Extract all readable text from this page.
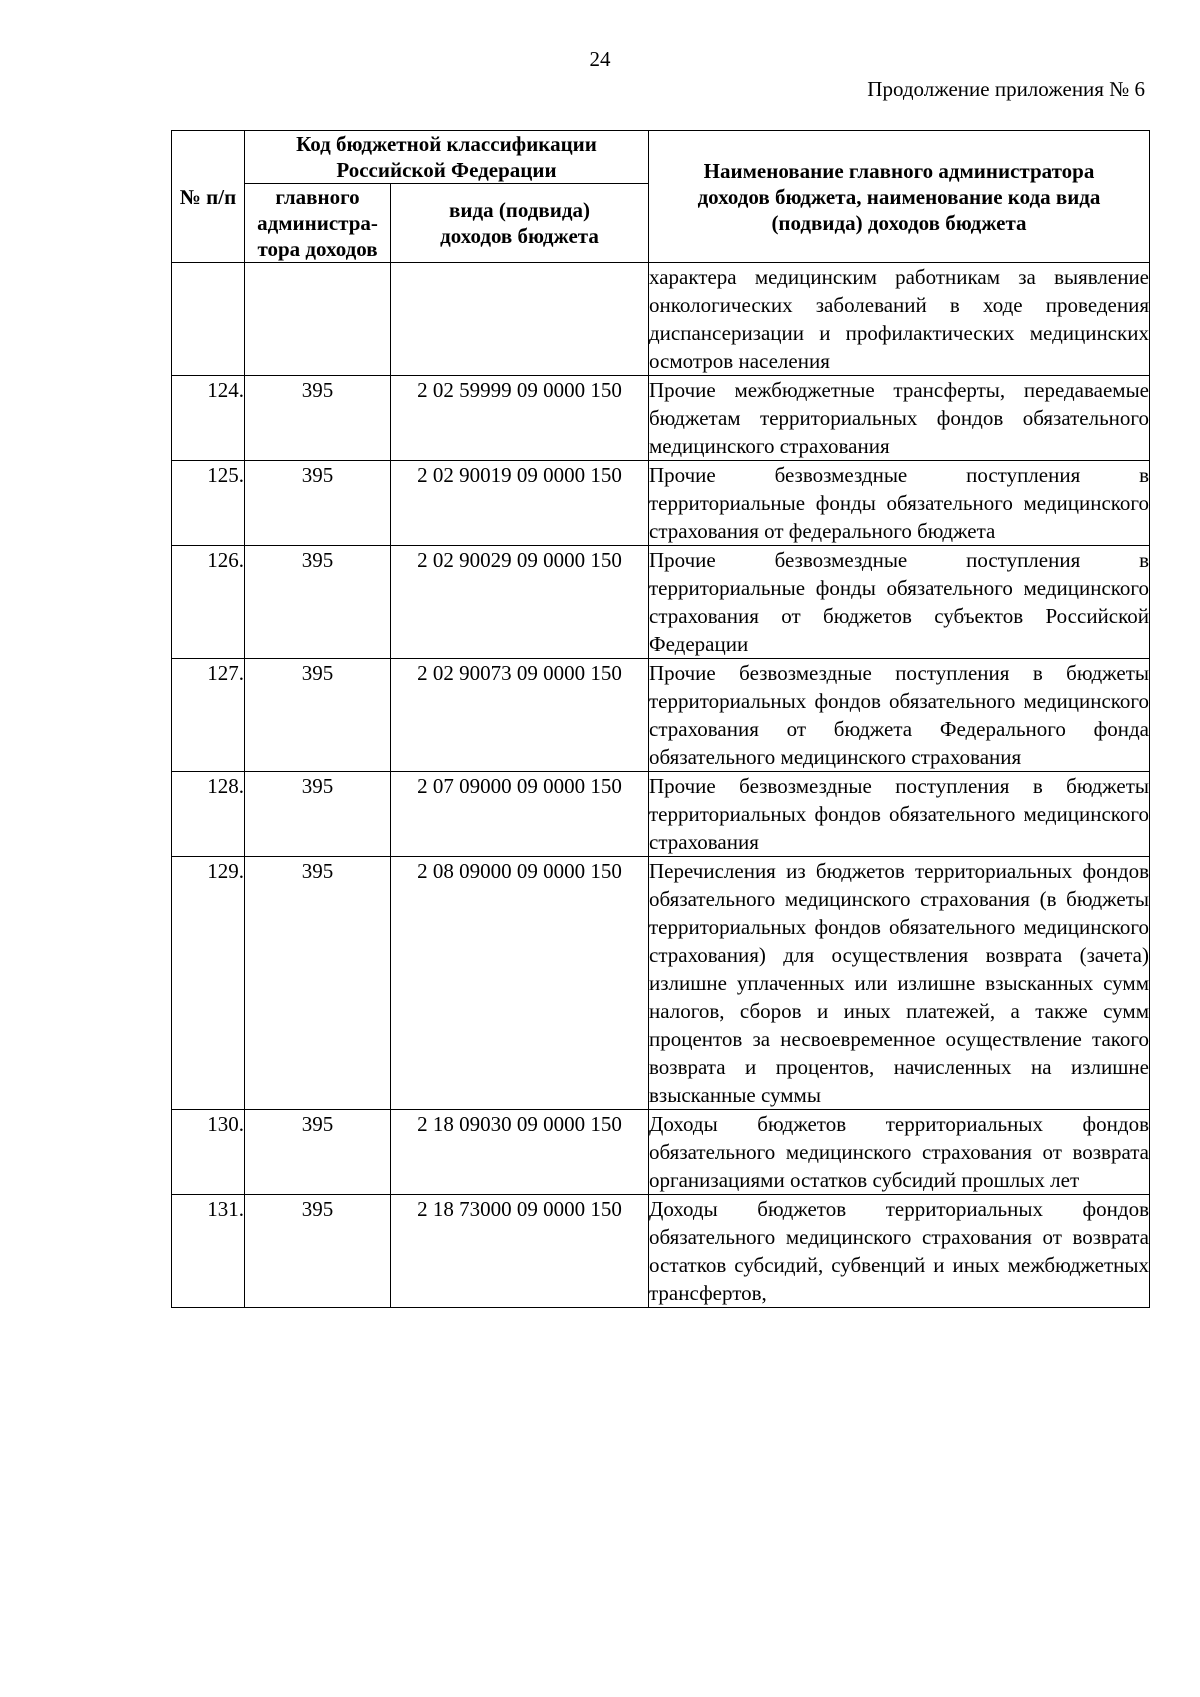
24
Продолжение приложения № 6
№ п/п	Код бюджетной классификации Российской Федерации		Наименование главного администратора доходов бюджета, наименование кода вида (подвида) доходов бюджета
	главного администра-тора доходов	вида (подвида) доходов бюджета	
			характера медицинским работникам за выявление онкологических заболеваний в ходе проведения диспансеризации и профилактических медицинских осмотров населения
124.	395	2 02 59999 09 0000 150	Прочие межбюджетные трансферты, передаваемые бюджетам территориальных фондов обязательного медицинского страхования
125.	395	2 02 90019 09 0000 150	Прочие безвозмездные поступления в территориальные фонды обязательного медицинского страхования от федерального бюджета
126.	395	2 02 90029 09 0000 150	Прочие безвозмездные поступления в территориальные фонды обязательного медицинского страхования от бюджетов субъектов Российской Федерации
127.	395	2 02 90073 09 0000 150	Прочие безвозмездные поступления в бюджеты территориальных фондов обязательного медицинского страхования от бюджета Федерального фонда обязательного медицинского страхования
128.	395	2 07 09000 09 0000 150	Прочие безвозмездные поступления в бюджеты территориальных фондов обязательного медицинского страхования
129.	395	2 08 09000 09 0000 150	Перечисления из бюджетов территориальных фондов обязательного медицинского страхования (в бюджеты территориальных фондов обязательного медицинского страхования) для осуществления возврата (зачета) излишне уплаченных или излишне взысканных сумм налогов, сборов и иных платежей, а также сумм процентов за несвоевременное осуществление такого возврата и процентов, начисленных на излишне взысканные суммы
130.	395	2 18 09030 09 0000 150	Доходы бюджетов территориальных фондов обязательного медицинского страхования от возврата организациями остатков субсидий прошлых лет
131.	395	2 18 73000 09 0000 150	Доходы бюджетов территориальных фондов обязательного медицинского страхования от возврата остатков субсидий, субвенций и иных межбюджетных трансфертов,
